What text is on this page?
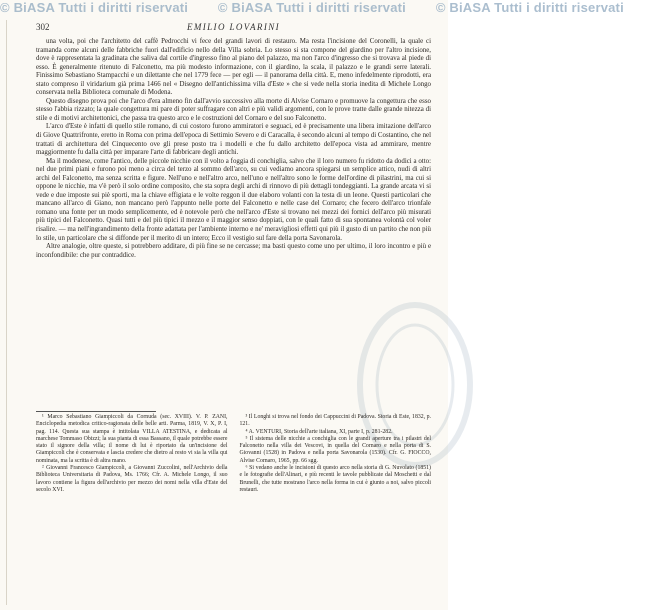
© BiASA Tutti i diritti riservati © BiASA Tutti i diritti riservati © BiASA Tutti i diritti riservati
302	EMILIO LOVARINI

una volta, poi che l'architetto del caffè Pedrocchi vi fece del grandi lavori di restauro. Ma resta l'incisione del Coronelli, la quale ci tramanda come alcuni delle fabbriche fuori dall'edificio nello della Villa sobria. Lo stesso si sta compone del giardino per l'altro incisione, dove è rappresentata la gradinata che saliva dal cortile d'ingresso fino al piano del palazzo, ma non l'arco d'ingresso che si trovava al piede di esso. È generalmente ritenuto di Falconetto, ma più modesto informazione, con il giardino, la scala, il palazzo e le grandi serre laterali. Finissimo Sebastiano Stampacchi e un dilettante che nel 1779 fece — per egli — il panorama della città. E, meno infedelmente riprodotti, era stato compreso il viridarium già prima 1466 nel « Disegno dell'antichissima villa d'Este » che si vede nella storia inedita di Michele Longo conservata nella Biblioteca comunale di Modena.

Questo disegno prova poi che l'arco d'era almeno fin dall'avvio successivo alla morte di Alvise Cornaro e promuove la congettura che esso stesso l'abbia rizzato; la quale congettura mi pare di poter suffragare con altri e più validi argomenti, con le prove tratte dalle grande nitezza di stile e di motivi architettonici, che passa tra questo arco e le costruzioni del Cornaro e del suo Falconetto.

L'arco d'Este è infatti di quello stile romano, di cui costoro furono ammiratori e seguaci, ed è precisamente una libera imitazione dell'arco di Giove Quattrifronte, eretto in Roma con prima dell'epoca di Settimio Severo e di Caracalla, è secondo alcuni al tempo di Costantino, che nel trattati di architettura del Cinquecento ove gli prese posto tra i modelli e che fu dallo architetto dell'epoca vista ad ammirare, mentre maggiormente fu dalla città per imparare l'arte di fabbricare degli antichi.

Ma il modenese, come l'antico, delle piccole nicchie con il volto a foggia di conchiglia, salvo che il loro numero fu ridotto da dodici a otto: nel due primi piani e furono poi meno a circa del terzo al sommo dell'arco, su cui vediamo ancora spiegarsi un semplice attico, nudi di altri archi del Falconetto, ma senza scritta e figure. Nell'uno e nell'altro arco, nell'uno e nell'altro sono le forme dell'ordine di pilastrini, ma cui si oppone le nicchie, ma v'è però il solo ordine composito, che sta sopra degli archi di rinnovo di più dettagli tondeggianti. La grande arcata vi si vede e due imposte sui piè sporti, ma la chiave effigiata e le volte reggon il due elaboro volanti con la testa di un leone. Questi particolari che mancano all'arco di Giano, non mancano però l'appunto nelle porte del Falconetto e nelle case del Cornaro; che fecero dell'arco trionfale romano una fonte per un modo semplicemente, ed è notevole però che nell'arco d'Este si trovano nei mezzi dei fornici dell'arco più misurati più tipici del Falconetto. Quasi tutti e del più tipici il mezzo e il maggior senso doppiati, con le quali fatto di sua spontanea volontà col voler risalire. — ma nell'ingrandimento della fronte adattata per l'ambiente interno e ne' meravigliosi effetti qui più il gusto di un partito che non più lo stile, un particolare che si diffonde per il merito di un intero; Ecco il vestigio sul fare della porta Savonarola.

Altre analogie, oltre queste, si potrebbero additare, di più fine se ne cercasse; ma basti questo come uno per ultimo, il loro incontro e più e inconfondibile: che pur contraddice.

¹ Marco Sebastiano Giampiccoli da Cornuda (sec. XVIII). V. P. ZANI, Enciclopedia metodica critico-ragionata delle belle arti. Parma, 1819, V. X, P. I, pag. 114. Questa sua stampa è intitolata VILLA ATESTINA, e dedicata al marchese Tommaso Obizzi; la sua pianta di essa Bassano, il quale potrebbe essere stato il signore della villa; il nome di lui è riportato da un'incisione del Giampiccoli che è conservata e lascia credere che dietro al resto vi sia la villa qui nominata, ma la scritta è di altra mano.

² Giovanni Francesco Giampiccoli, a Giovanni Zuccolini, nell'Archivio della Biblioteca Universitaria di Padova, Ms. 1766; Cfr. A. Michele Longo, il suo lavoro contiene la figura dell'archivio per mezzo dei nomi nella villa d'Este del secolo XVI.

³ Il Longhi si trova nel fondo dei Cappuccini di Padova. Storia di Este, 1832, p. 121.

⁴ A. VENTURI, Storia dell'arte italiana, XI, parte I, p. 281-282.

⁵ Il sistema delle nicchie a conchiglia con le grandi aperture tra i pilastri del Falconetto nella villa dei Vescovi, in quella del Cornaro e nella porta di S. Giovanni (1528) in Padova e nella porta Savonarola (1530). Cfr. G. FIOCCO, Alvise Cornaro, 1965, pp. 66 sgg.

⁶ Si vedano anche le incisioni di questo arco nella storia di G. Nuvolato (1851) e le fotografie dell'Alinari, e più recenti le tavole pubblicate dal Moschetti e dal Brunelli, che tutte mostrano l'arco nella forma in cui è giunto a noi, salvo piccoli restauri.
